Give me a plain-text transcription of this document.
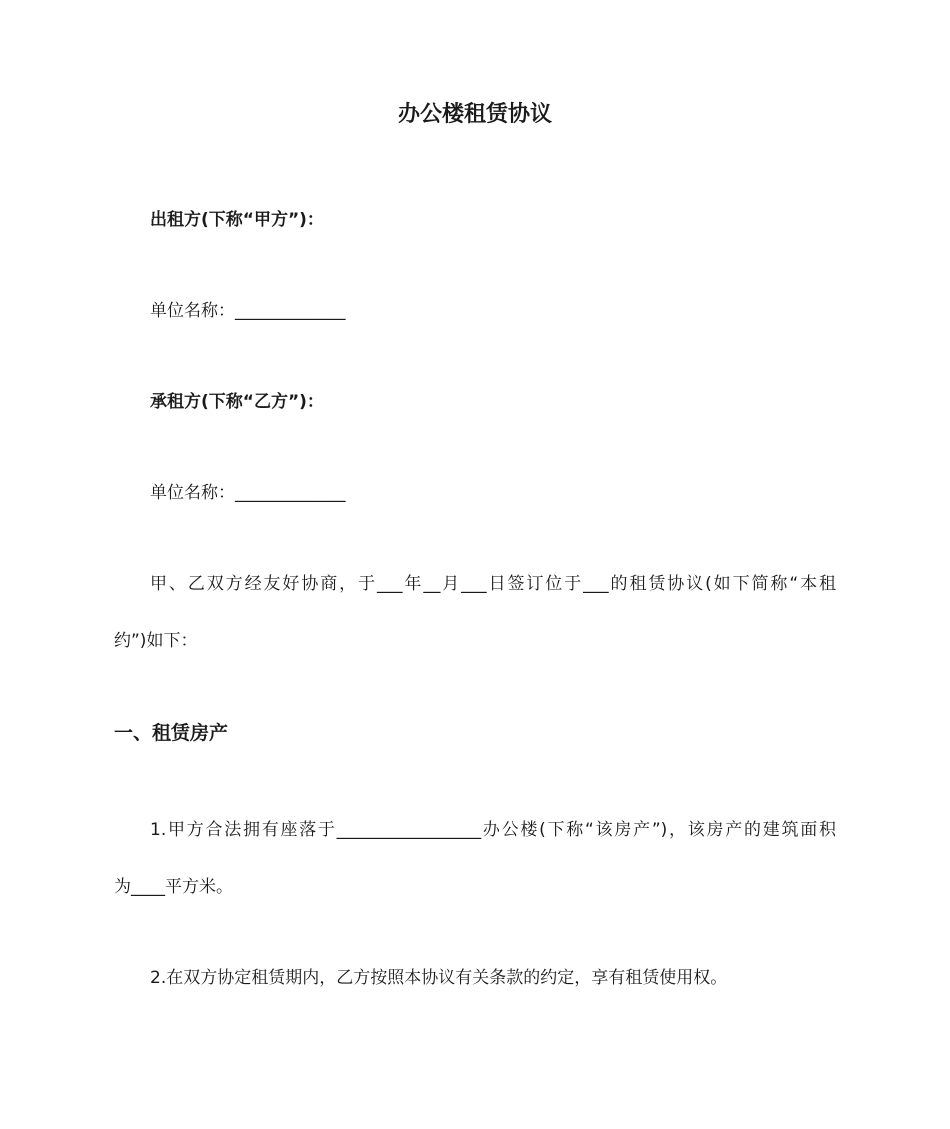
办公楼租赁协议
出租方(下称“甲方”)：
单位名称：_____________
承租方(下称“乙方”)：
单位名称：_____________
甲、乙双方经友好协商，于___年__月___日签订位于___的租赁协议(如下简称“本租
约”)如下：
一、租赁房产
1.甲方合法拥有座落于_________________办公楼(下称“该房产”)，该房产的建筑面积
为____平方米。
2.在双方协定租赁期内，乙方按照本协议有关条款的约定，享有租赁使用权。
